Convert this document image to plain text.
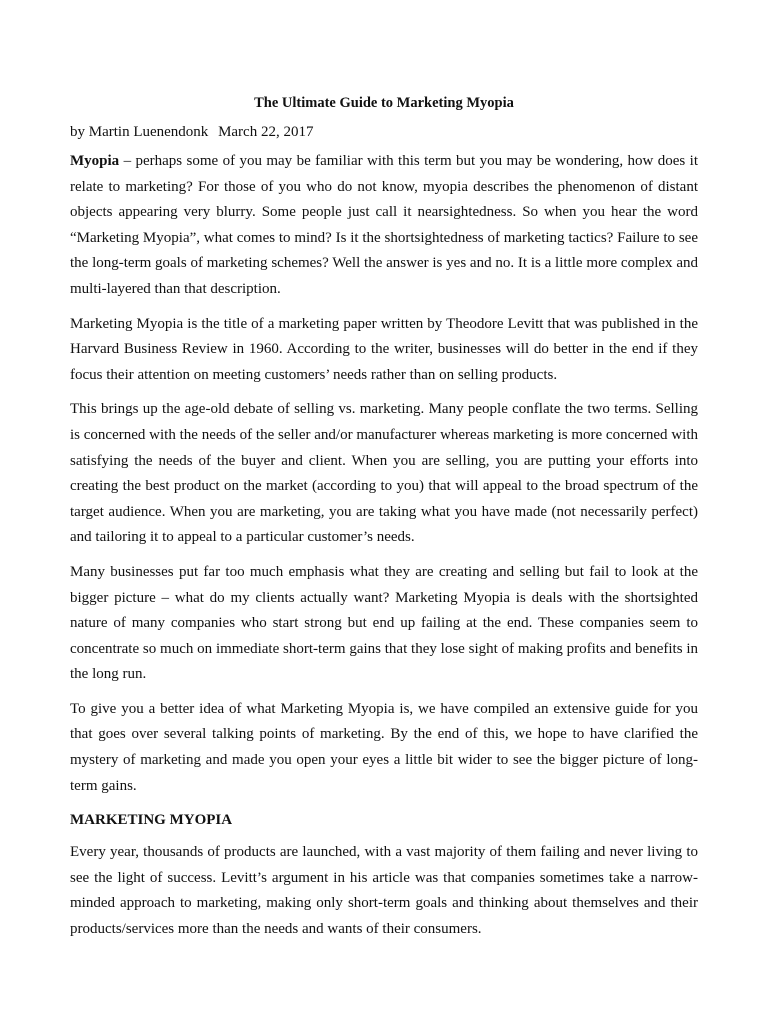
The Ultimate Guide to Marketing Myopia
by Martin Luenendonk March 22, 2017

Myopia – perhaps some of you may be familiar with this term but you may be wondering, how does it relate to marketing? For those of you who do not know, myopia describes the phenomenon of distant objects appearing very blurry. Some people just call it nearsightedness. So when you hear the word “Marketing Myopia”, what comes to mind? Is it the shortsightedness of marketing tactics? Failure to see the long-term goals of marketing schemes? Well the answer is yes and no. It is a little more complex and multi-layered than that description.

Marketing Myopia is the title of a marketing paper written by Theodore Levitt that was published in the Harvard Business Review in 1960. According to the writer, businesses will do better in the end if they focus their attention on meeting customers’ needs rather than on selling products.

This brings up the age-old debate of selling vs. marketing. Many people conflate the two terms. Selling is concerned with the needs of the seller and/or manufacturer whereas marketing is more concerned with satisfying the needs of the buyer and client. When you are selling, you are putting your efforts into creating the best product on the market (according to you) that will appeal to the broad spectrum of the target audience. When you are marketing, you are taking what you have made (not necessarily perfect) and tailoring it to appeal to a particular customer’s needs.

Many businesses put far too much emphasis what they are creating and selling but fail to look at the bigger picture – what do my clients actually want? Marketing Myopia is deals with the shortsighted nature of many companies who start strong but end up failing at the end. These companies seem to concentrate so much on immediate short-term gains that they lose sight of making profits and benefits in the long run.

To give you a better idea of what Marketing Myopia is, we have compiled an extensive guide for you that goes over several talking points of marketing. By the end of this, we hope to have clarified the mystery of marketing and made you open your eyes a little bit wider to see the bigger picture of long-term gains.

MARKETING MYOPIA

Every year, thousands of products are launched, with a vast majority of them failing and never living to see the light of success. Levitt’s argument in his article was that companies sometimes take a narrow-minded approach to marketing, making only short-term goals and thinking about themselves and their products/services more than the needs and wants of their consumers.
